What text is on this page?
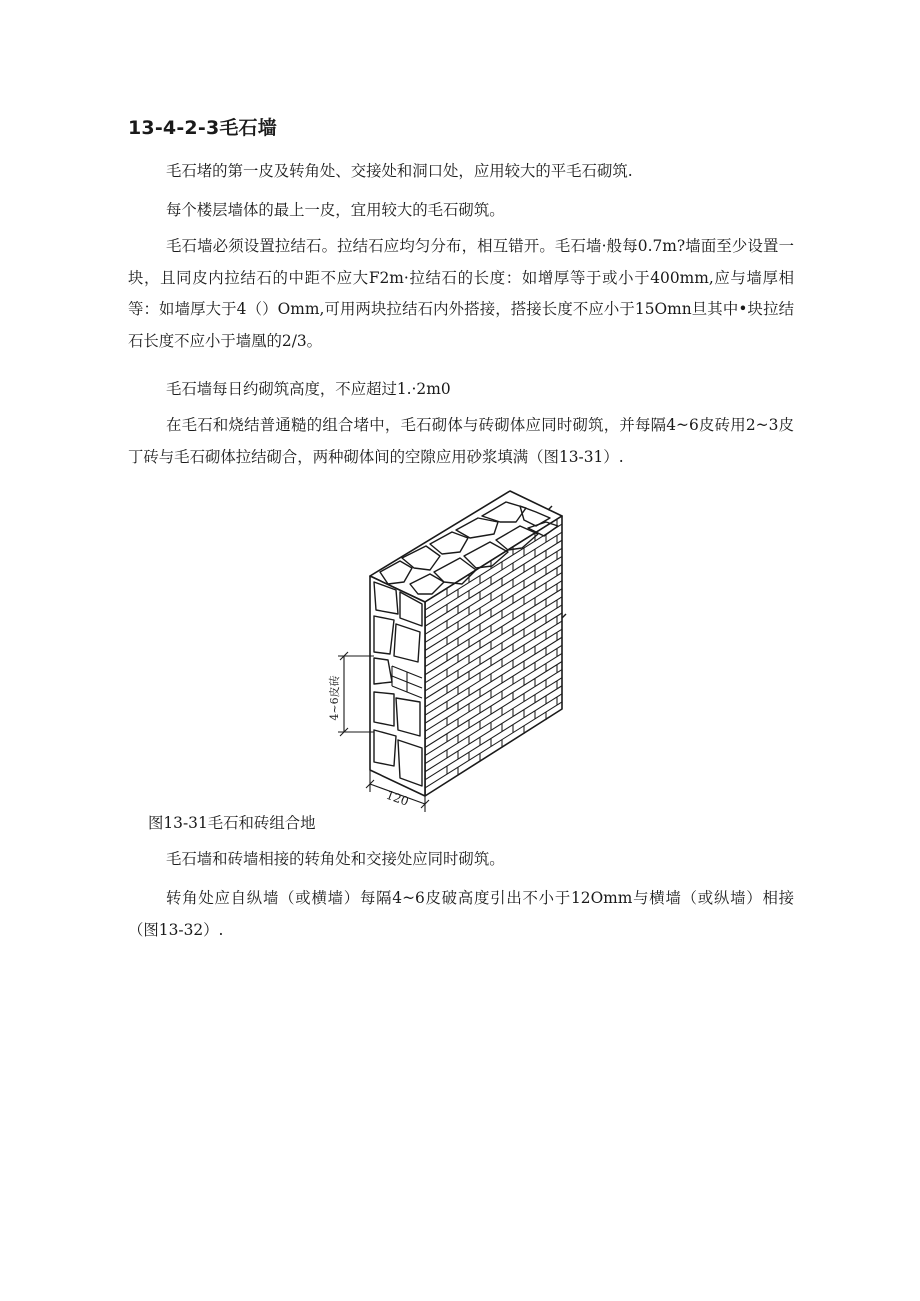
13-4-2-3毛石墙

毛石堵的第一皮及转角处、交接处和洞口处，应用较大的平毛石砌筑.

每个楼层墙体的最上一皮，宜用较大的毛石砌筑。

毛石墙必须设置拉结石。拉结石应均匀分布，相互错开。毛石墙·般每0.7m?墙面至少设置一块，且同皮内拉结石的中距不应大F2m·拉结石的长度：如增厚等于或小于400mm,应与墙厚相等：如墙厚大于4（）Omm,可用两块拉结石内外搭接，搭接长度不应小于15Omn旦其中•块拉结石长度不应小于墙凰的2/3。

毛石墙每日约砌筑高度，不应超过1.·2m0

在毛石和烧结普通糙的组合堵中，毛石砌体与砖砌体应同时砌筑，并每隔4~6皮砖用2~3皮丁砖与毛石砌体拉结砌合，两种砌体间的空隙应用砂浆填满（图13-31）.

4~6皮砖
120
图13-31毛石和砖组合地

毛石墙和砖墙相接的转角处和交接处应同时砌筑。

转角处应自纵墙（或横墙）每隔4~6皮破高度引出不小于12Omm与横墙（或纵墙）相接（图13-32）.
